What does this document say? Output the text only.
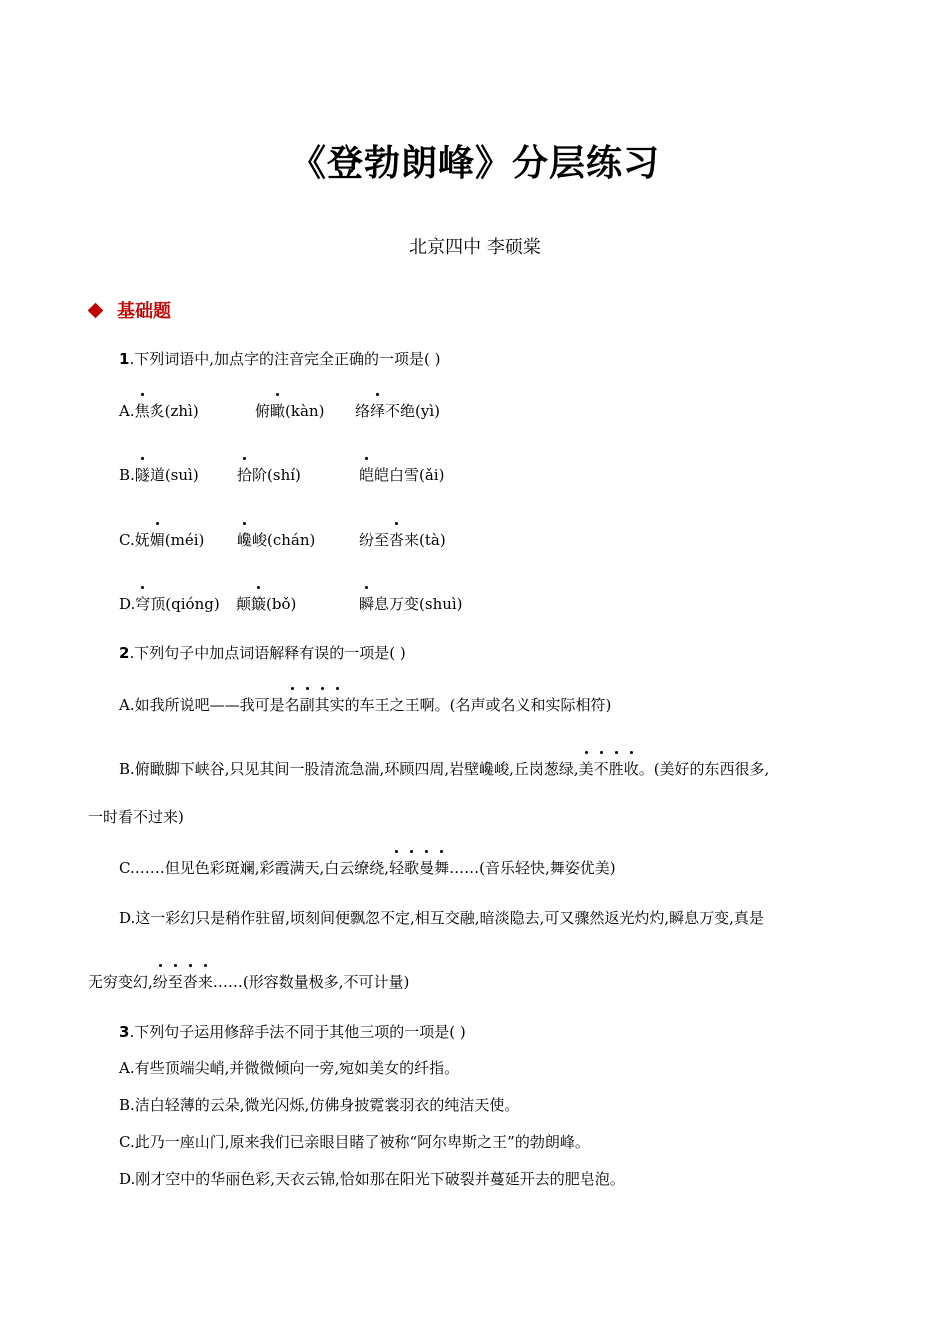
《登勃朗峰》分层练习
北京四中 李硕棠
基础题
1.下列词语中,加点字的注音完全正确的一项是( )
A.焦炙(zhì)	俯瞰(kàn) 络绎不绝(yì)
B.隧道(suì)	拾阶(shí)	皑皑白雪(ǎi)
C.妩媚(méi) 巉峻(chán)	纷至沓来(tà)
D.穹顶(qióng) 颠簸(bǒ)	瞬息万变(shuì)
2.下列句子中加点词语解释有误的一项是( )
A.如我所说吧——我可是名副其实的车王之王啊。(名声或名义和实际相符)
B.俯瞰脚下峡谷,只见其间一股清流急湍,环顾四周,岩壁巉峻,丘岗葱绿,美不胜收。(美好的东西很多,
一时看不过来)
C.……但见色彩斑斓,彩霞满天,白云缭绕,轻歌曼舞……(音乐轻快,舞姿优美)
D.这一彩幻只是稍作驻留,顷刻间便飘忽不定,相互交融,暗淡隐去,可又骤然返光灼灼,瞬息万变,真是
无穷变幻,纷至沓来……(形容数量极多,不可计量)
3.下列句子运用修辞手法不同于其他三项的一项是( )
A.有些顶端尖峭,并微微倾向一旁,宛如美女的纤指。
B.洁白轻薄的云朵,微光闪烁,仿佛身披霓裳羽衣的纯洁天使。
C.此乃一座山门,原来我们已亲眼目睹了被称“阿尔卑斯之王”的勃朗峰。
D.刚才空中的华丽色彩,天衣云锦,恰如那在阳光下破裂并蔓延开去的肥皂泡。
